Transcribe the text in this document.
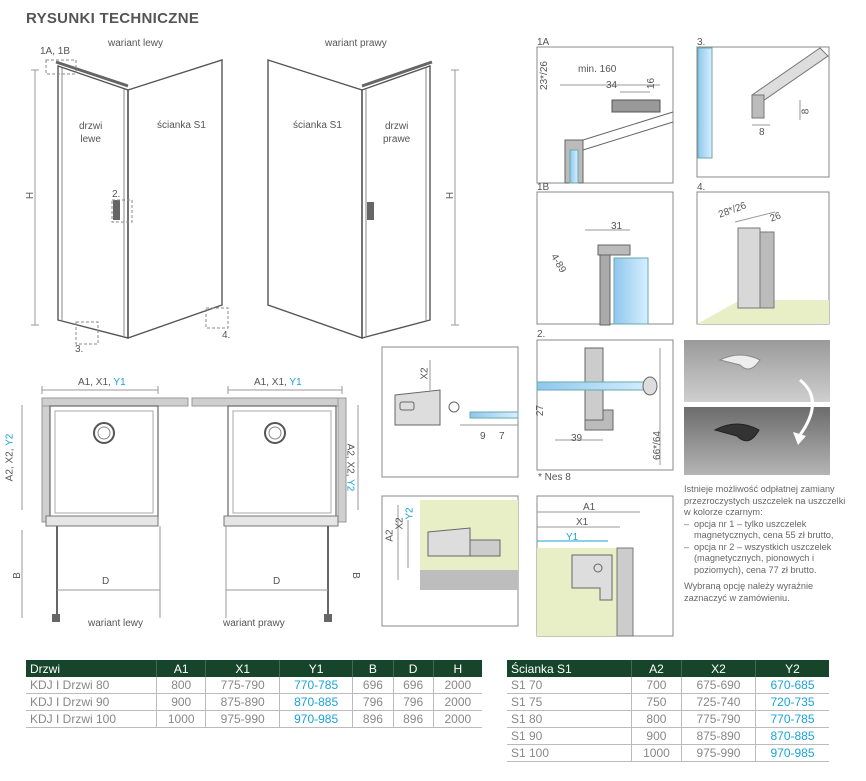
RYSUNKI TECHNICZNE
wariant lewy	wariant prawy
1A, 1B
2.
3.
4.
drzwi
lewe
ścianka S1	ścianka S1	drzwi
prawe
H	H
A1, X1, Y1	A1, X1, Y1
A2, X2, Y2
A2, X2, Y2
B	B
D	D
wariant lewy	wariant prawy
1A
min. 160
34	16
23*/26
1B
31
4-89
2.
27
39	66*/64
* Nes 8
3.
8
8
4.
28*/26 26
X2
9 7
A2
X2
Y2	A1
X1
Y1
Istnieje możliwość odpłatnej zamiany przezroczystych uszczelek na uszczelki w kolorze czarnym:
– opcja nr 1 – tylko uszczelek magnetycznych, cena 55 zł brutto,
– opcja nr 2 – wszystkich uszczelek (magnetycznych, pionowych i poziomych), cena 77 zł brutto.
Wybraną opcję należy wyraźnie zaznaczyć w zamówieniu.
Drzwi	A1	X1	Y1	B	D	H
KDJ I Drzwi 80	800	775-790	770-785	696	696	2000
KDJ I Drzwi 90	900	875-890	870-885	796	796	2000
KDJ I Drzwi 100	1000	975-990	970-985	896	896	2000
Ścianka S1	A2	X2	Y2
S1 70	700	675-690	670-685
S1 75	750	725-740	720-735
S1 80	800	775-790	770-785
S1 90	900	875-890	870-885
S1 100	1000	975-990	970-985
